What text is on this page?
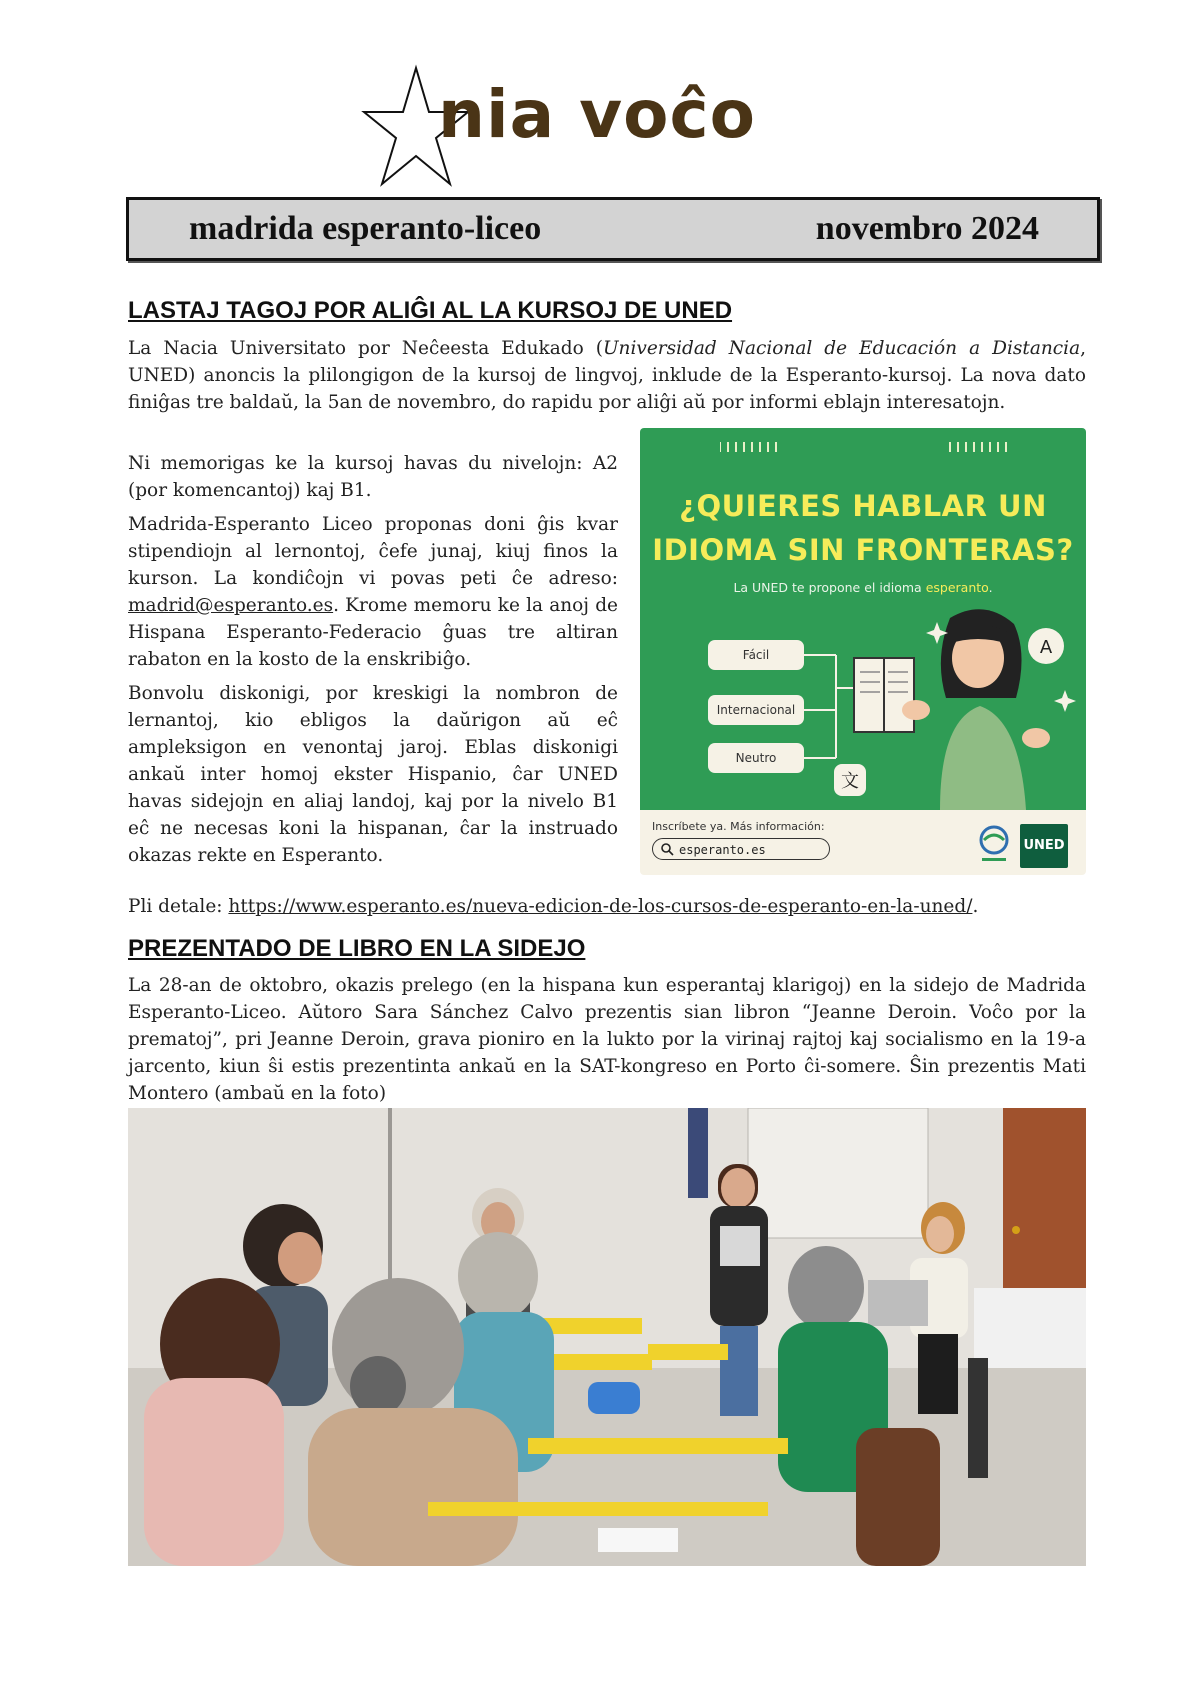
nia voĉo
madrida esperanto-liceo	novembro 2024
LASTAJ TAGOJ POR ALIĜI AL LA KURSOJ DE UNED

La Nacia Universitato por Neĉeesta Edukado (Universidad Nacional de Educación a Distancia, UNED) anoncis la plilongigon de la kursoj de lingvoj, inklude de la Esperanto-kursoj. La nova dato finiĝas tre baldaŭ, la 5an de novembro, do rapidu por aliĝi aŭ por informi eblajn interesatojn.

Ni memorigas ke la kursoj havas du nivelojn: A2 (por komencantoj) kaj B1.

Madrida-Esperanto Liceo proponas doni ĝis kvar stipendiojn al lernontoj, ĉefe junaj, kiuj finos la kurson. La kondiĉojn vi povas peti ĉe adreso: madrid@esperanto.es. Krome memoru ke la anoj de Hispana Esperanto-Federacio ĝuas tre altiran rabaton en la kosto de la enskribiĝo.

Bonvolu diskonigi, por kreskigi la nombron de lernantoj, kio ebligos la daŭrigon aŭ eĉ ampleksigon en venontaj jaroj. Eblas diskonigi ankaŭ inter homoj ekster Hispanio, ĉar UNED havas sidejojn en aliaj landoj, kaj por la nivelo B1 eĉ ne necesas koni la hispanan, ĉar la instruado okazas rekte en Esperanto.

Pli detale: https://www.esperanto.es/nueva-edicion-de-los-cursos-de-esperanto-en-la-uned/.
¿QUIERES HABLAR UN
IDIOMA SIN FRONTERAS?
La UNED te propone el idioma esperanto.
Fácil
Internacional
Neutro
A
文
Inscríbete ya. Más información:
esperanto.es	UNED
PREZENTADO DE LIBRO EN LA SIDEJO

La 28-an de oktobro, okazis prelego (en la hispana kun esperantaj klarigoj) en la sidejo de Madrida Esperanto-Liceo. Aŭtoro Sara Sánchez Calvo prezentis sian libron “Jeanne Deroin. Voĉo por la prematoj”, pri Jeanne Deroin, grava pioniro en la lukto por la virinaj rajtoj kaj socialismo en la 19-a jarcento, kiun ŝi estis prezentinta ankaŭ en la SAT-kongreso en Porto ĉi-somere. Ŝin prezentis Mati Montero (ambaŭ en la foto)
